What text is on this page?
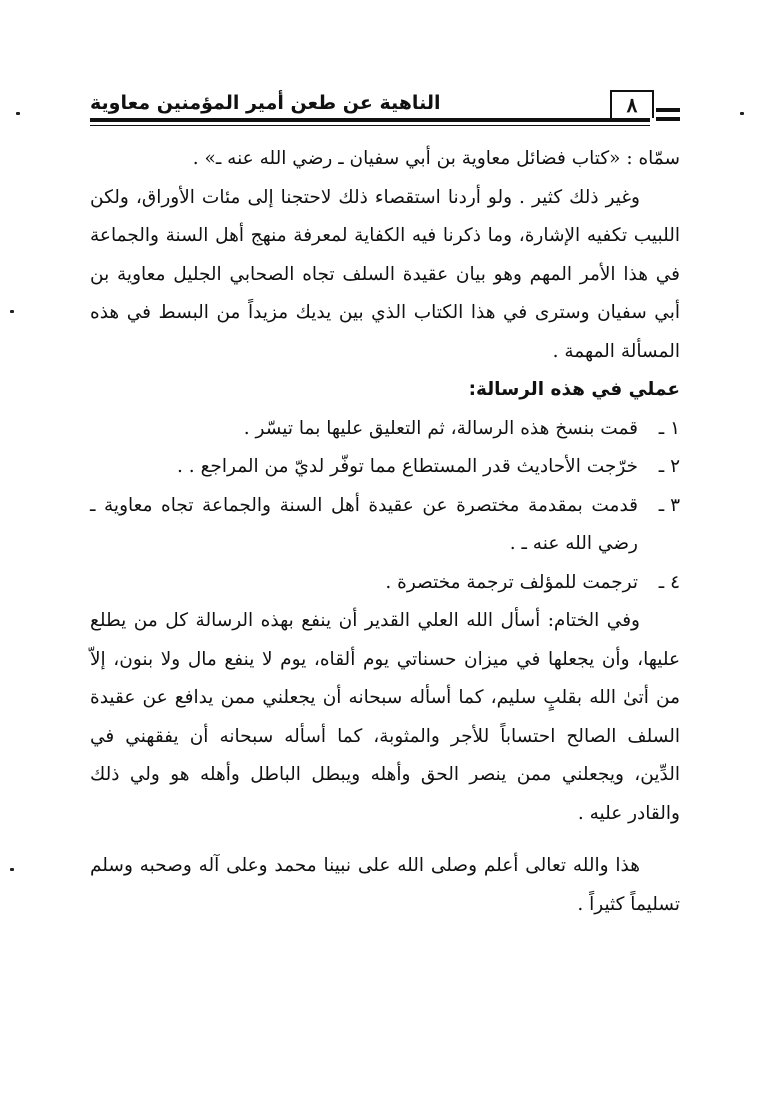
الناهية عن طعن أمير المؤمنين معاوية	٨

سمّاه : «كتاب فضائل معاوية بن أبي سفيان ـ رضي الله عنه ـ» .

وغير ذلك كثير . ولو أردنا استقصاء ذلك لاحتجنا إلى مئات الأوراق، ولكن اللبيب تكفيه الإشارة، وما ذكرنا فيه الكفاية لمعرفة منهج أهل السنة والجماعة في هذا الأمر المهم وهو بيان عقيدة السلف تجاه الصحابي الجليل معاوية بن أبي سفيان وسترى في هذا الكتاب الذي بين يديك مزيداً من البسط في هذه المسألة المهمة .

عملي في هذه الرسالة:

١ ـ
قمت بنسخ هذه الرسالة، ثم التعليق عليها بما تيسّر .
٢ ـ
خرّجت الأحاديث قدر المستطاع مما توفّر لديّ من المراجع . .
٣ ـ
قدمت بمقدمة مختصرة عن عقيدة أهل السنة والجماعة تجاه معاوية ـ رضي الله عنه ـ .
٤ ـ
ترجمت للمؤلف ترجمة مختصرة .

وفي الختام: أسأل الله العلي القدير أن ينفع بهذه الرسالة كل من يطلع عليها، وأن يجعلها في ميزان حسناتي يوم ألقاه، يوم لا ينفع مال ولا بنون، إلاّ من أتىٰ الله بقلبٍ سليم، كما أسأله سبحانه أن يجعلني ممن يدافع عن عقيدة السلف الصالح احتساباً للأجر والمثوبة، كما أسأله سبحانه أن يفقهني في الدِّين، ويجعلني ممن ينصر الحق وأهله ويبطل الباطل وأهله هو ولي ذلك والقادر عليه .

هذا والله تعالى أعلم وصلى الله على نبينا محمد وعلى آله وصحبه وسلم تسليماً كثيراً .
